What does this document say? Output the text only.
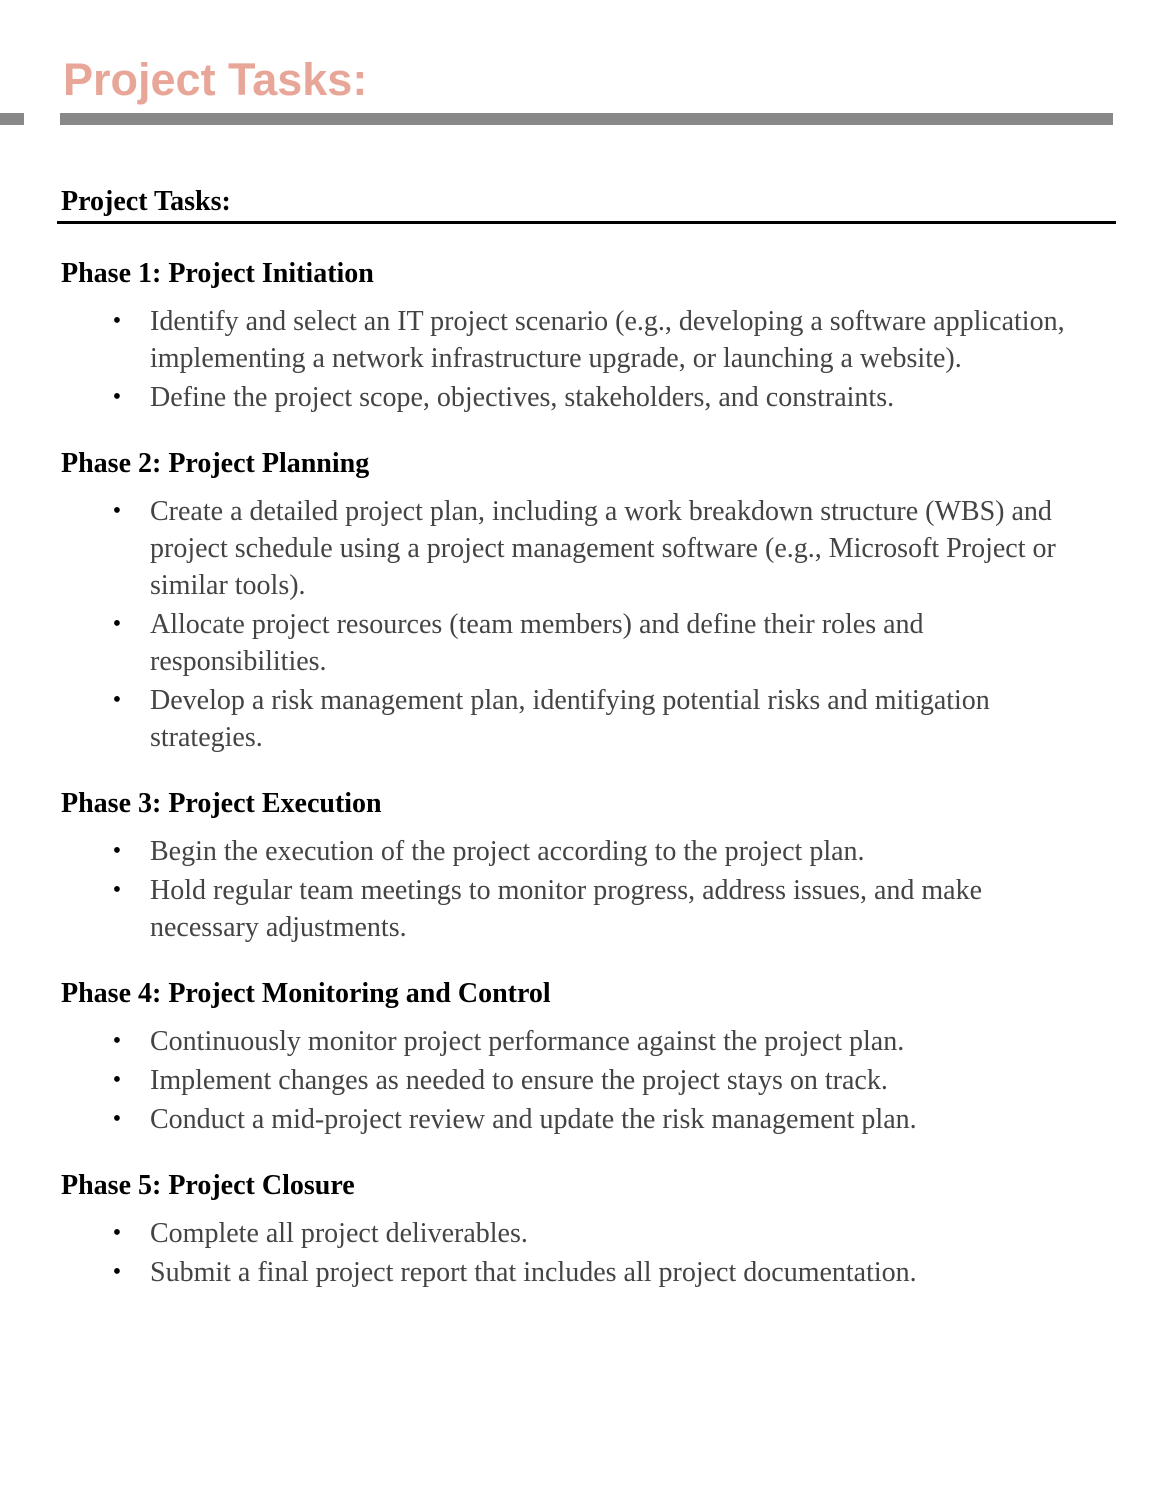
Project Tasks:
Project Tasks:
Phase 1: Project Initiation
• Identify and select an IT project scenario (e.g., developing a software application, implementing a network infrastructure upgrade, or launching a website).
• Define the project scope, objectives, stakeholders, and constraints.
Phase 2: Project Planning
• Create a detailed project plan, including a work breakdown structure (WBS) and project schedule using a project management software (e.g., Microsoft Project or similar tools).
• Allocate project resources (team members) and define their roles and responsibilities.
• Develop a risk management plan, identifying potential risks and mitigation strategies.
Phase 3: Project Execution
• Begin the execution of the project according to the project plan.
• Hold regular team meetings to monitor progress, address issues, and make necessary adjustments.
Phase 4: Project Monitoring and Control
• Continuously monitor project performance against the project plan.
• Implement changes as needed to ensure the project stays on track.
• Conduct a mid-project review and update the risk management plan.
Phase 5: Project Closure
• Complete all project deliverables.
• Submit a final project report that includes all project documentation.
